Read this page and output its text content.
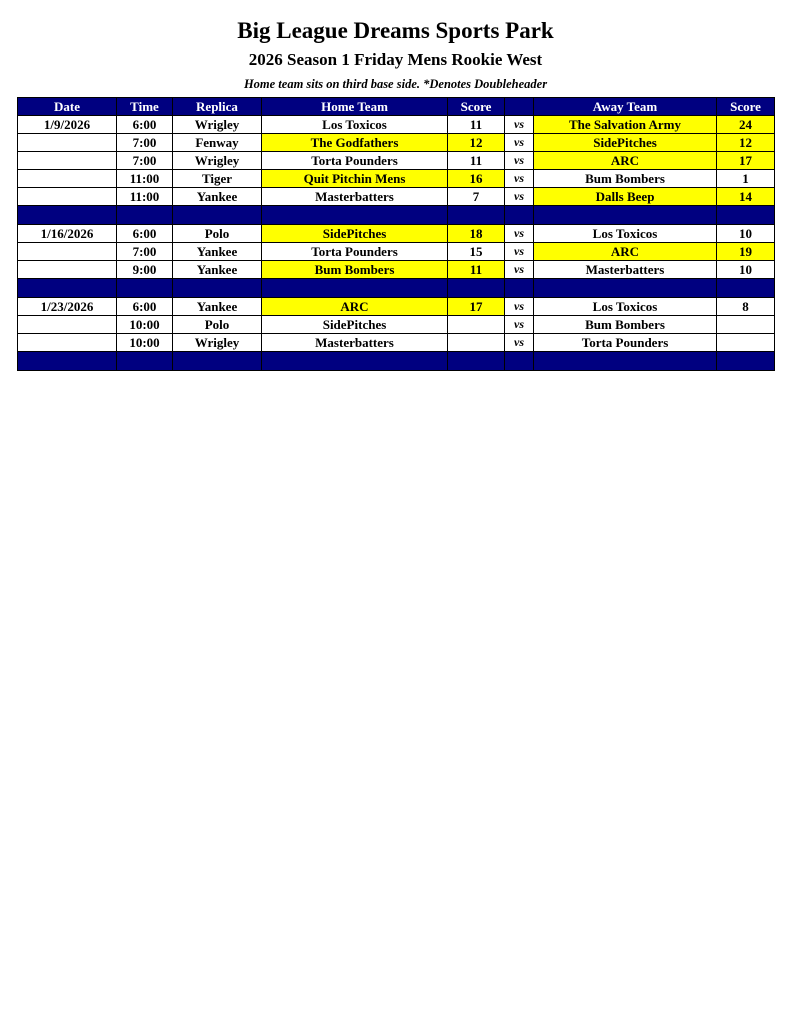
Big League Dreams Sports Park
2026 Season 1 Friday Mens Rookie West
Home team sits on third base side. *Denotes Doubleheader
Date	Time	Replica	Home Team	Score		Away Team	Score
1/9/2026	6:00	Wrigley	Los Toxicos	11	vs	The Salvation Army	24
	7:00	Fenway	The Godfathers	12	vs	SidePitches	12
	7:00	Wrigley	Torta Pounders	11	vs	ARC	17
	11:00	Tiger	Quit Pitchin Mens	16	vs	Bum Bombers	1
	11:00	Yankee	Masterbatters	7	vs	Dalls Beep	14

1/16/2026	6:00	Polo	SidePitches	18	vs	Los Toxicos	10
	7:00	Yankee	Torta Pounders	15	vs	ARC	19
	9:00	Yankee	Bum Bombers	11	vs	Masterbatters	10

1/23/2026	6:00	Yankee	ARC	17	vs	Los Toxicos	8
	10:00	Polo	SidePitches		vs	Bum Bombers	
	10:00	Wrigley	Masterbatters		vs	Torta Pounders	
